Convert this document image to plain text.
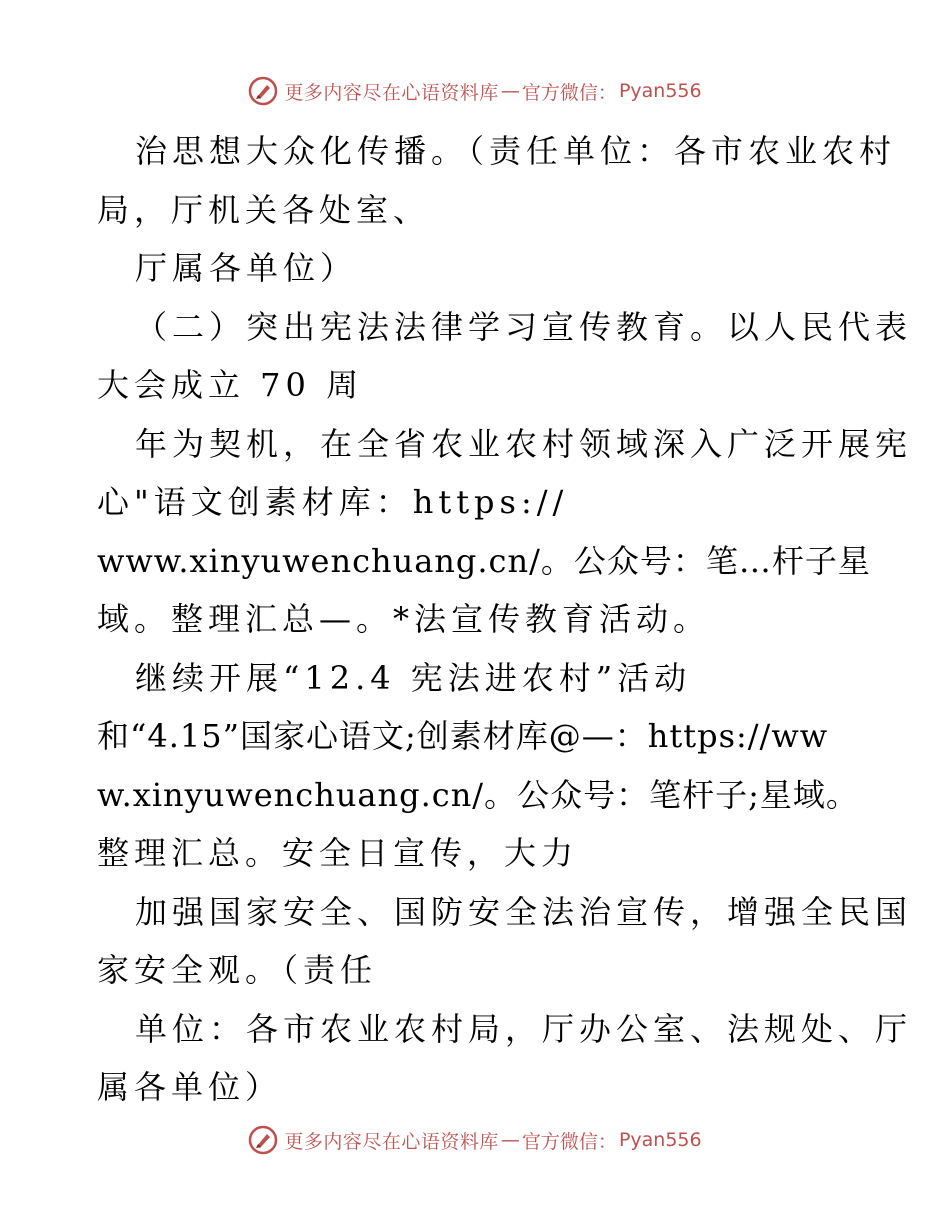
更多内容尽在心语资料库 — 官方微信： Pyan556
治思想大众化传播。（责任单位：各市农业农村
局，厅机关各处室、
厅属各单位）
（二）突出宪法法律学习宣传教育。以人民代表
大会成立 70 周
年为契机，在全省农业农村领域深入广泛开展宪
心"语文创素材库：https://
www.xinyuwenchuang.cn/。公众号：笔…杆子星
域。整理汇总—。*法宣传教育活动。
继续开展“12.4 宪法进农村”活动
和“4.15”国家心语文;创素材库@—：https://ww
w.xinyuwenchuang.cn/。公众号：笔杆子;星域。
整理汇总。安全日宣传，大力
加强国家安全、国防安全法治宣传，增强全民国
家安全观。（责任
单位：各市农业农村局，厅办公室、法规处、厅
属各单位）
更多内容尽在心语资料库 — 官方微信： Pyan556
